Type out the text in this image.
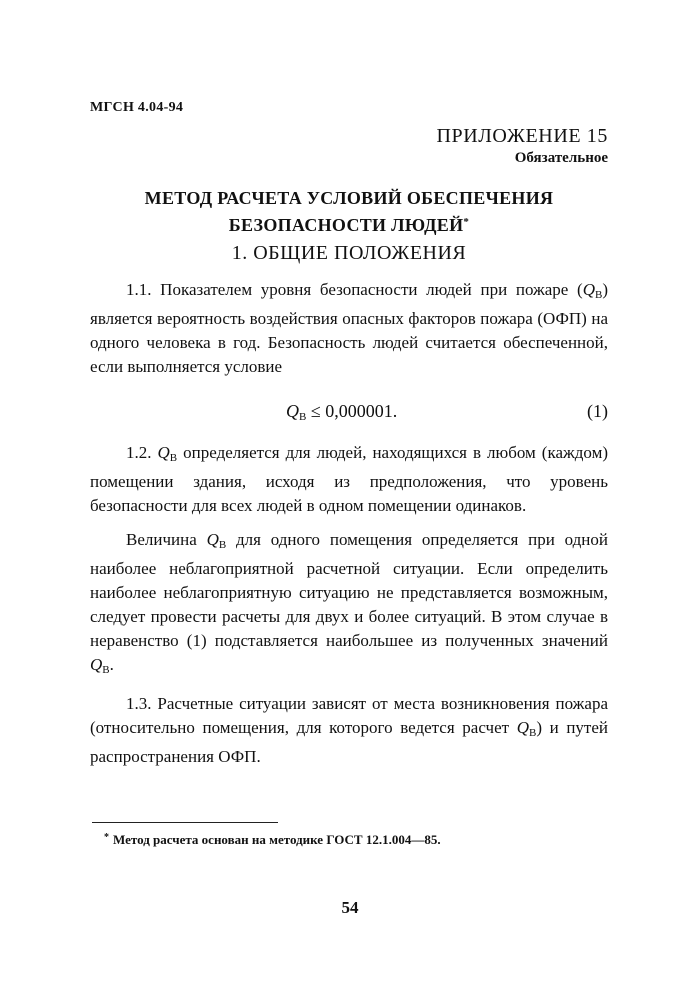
МГСН 4.04-94
ПРИЛОЖЕНИЕ 15
Обязательное
МЕТОД РАСЧЕТА УСЛОВИЙ ОБЕСПЕЧЕНИЯ
БЕЗОПАСНОСТИ ЛЮДЕЙ*
1. ОБЩИЕ ПОЛОЖЕНИЯ

1.1. Показателем уровня безопасности людей при пожаре (QВ) является вероятность воздействия опасных факторов пожара (ОФП) на одного человека в год. Безопасность людей считается обеспеченной, если выполняется условие

QВ ≤ 0,000001.	(1)

1.2. QВ определяется для людей, находящихся в любом (каждом) помещении здания, исходя из предположения, что уровень безопасности для всех людей в одном помещении одинаков.

Величина QВ для одного помещения определяется при одной наиболее неблагоприятной расчетной ситуации. Если определить наиболее неблагоприятную ситуацию не представляется возможным, следует провести расчеты для двух и более ситуаций. В этом случае в неравенство (1) подставляется наибольшее из полученных значений QВ.

1.3. Расчетные ситуации зависят от места возникновения пожара (относительно помещения, для которого ведется расчет QВ) и путей распространения ОФП.

* Метод расчета основан на методике ГОСТ 12.1.004—85.
54
